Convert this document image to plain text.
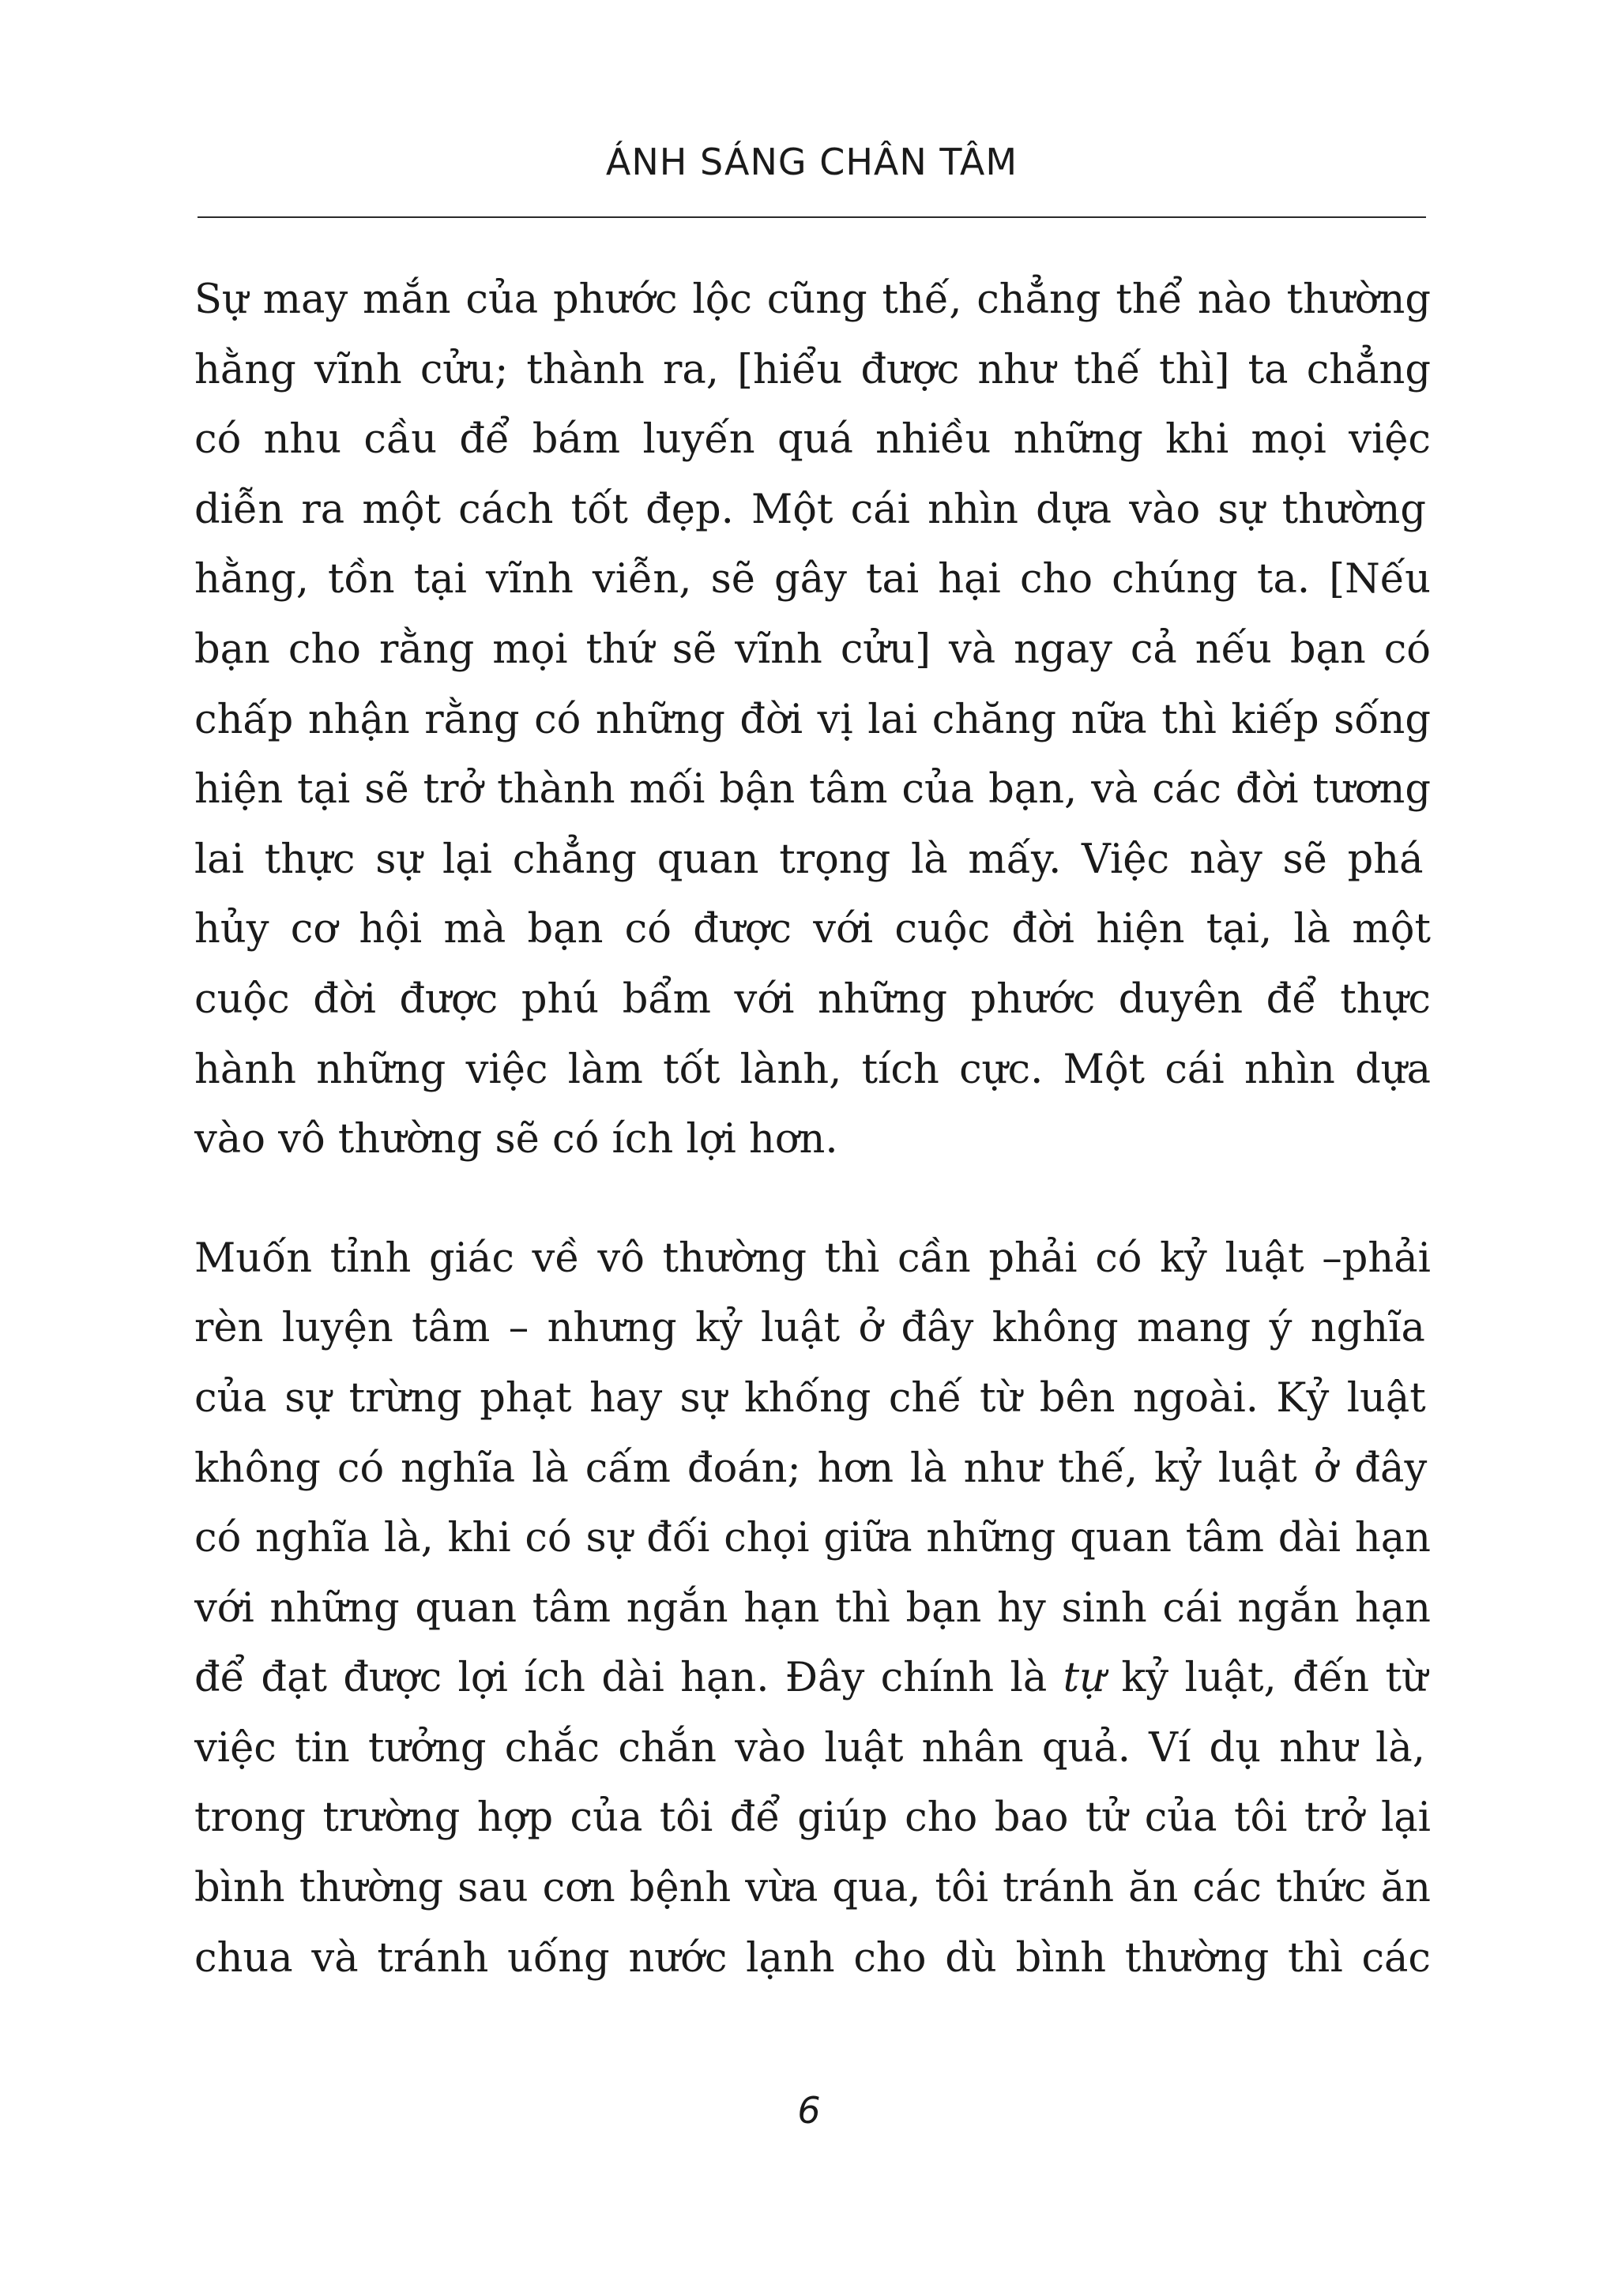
ÁNH SÁNG CHÂN TÂM

Sự may mắn của phước lộc cũng thế, chẳng thể nào thường

hằng vĩnh cửu; thành ra, [hiểu được như thế thì] ta chẳng

có nhu cầu để bám luyến quá nhiều những khi mọi việc

diễn ra một cách tốt đẹp. Một cái nhìn dựa vào sự thường

hằng, tồn tại vĩnh viễn, sẽ gây tai hại cho chúng ta. [Nếu

bạn cho rằng mọi thứ sẽ vĩnh cửu] và ngay cả nếu bạn có

chấp nhận rằng có những đời vị lai chăng nữa thì kiếp sống

hiện tại sẽ trở thành mối bận tâm của bạn, và các đời tương

lai thực sự lại chẳng quan trọng là mấy. Việc này sẽ phá

hủy cơ hội mà bạn có được với cuộc đời hiện tại, là một

cuộc đời được phú bẩm với những phước duyên để thực

hành những việc làm tốt lành, tích cực. Một cái nhìn dựa

vào vô thường sẽ có ích lợi hơn.

Muốn tỉnh giác về vô thường thì cần phải có kỷ luật –phải

rèn luyện tâm – nhưng kỷ luật ở đây không mang ý nghĩa

của sự trừng phạt hay sự khống chế từ bên ngoài. Kỷ luật

không có nghĩa là cấm đoán; hơn là như thế, kỷ luật ở đây

có nghĩa là, khi có sự đối chọi giữa những quan tâm dài hạn

với những quan tâm ngắn hạn thì bạn hy sinh cái ngắn hạn

để đạt được lợi ích dài hạn. Đây chính là tự kỷ luật, đến từ

việc tin tưởng chắc chắn vào luật nhân quả. Ví dụ như là,

trong trường hợp của tôi để giúp cho bao tử của tôi trở lại

bình thường sau cơn bệnh vừa qua, tôi tránh ăn các thức ăn

chua và tránh uống nước lạnh cho dù bình thường thì các

6
